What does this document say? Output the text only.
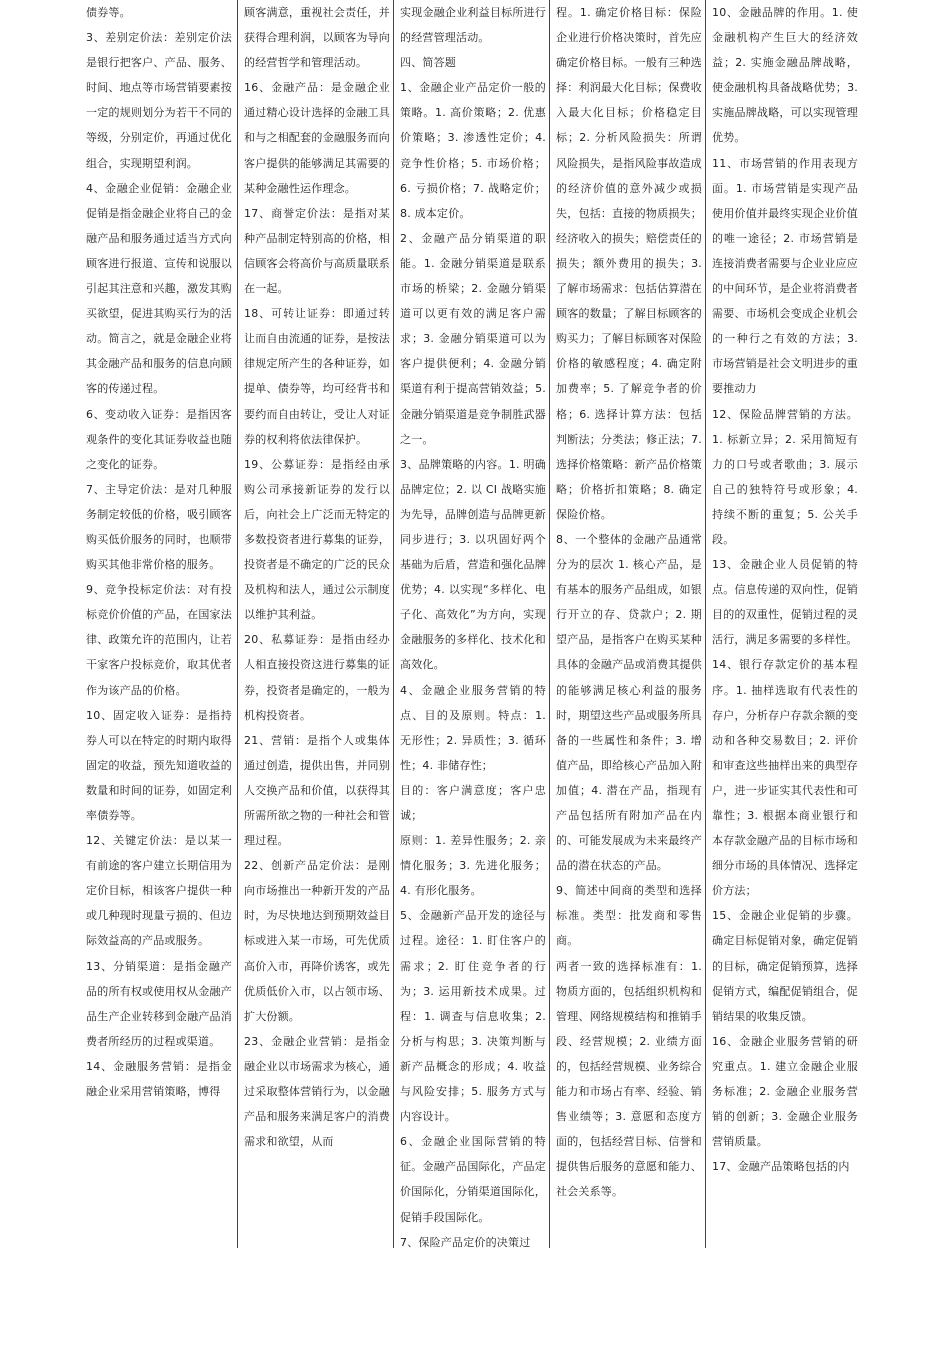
债券等。

3、差别定价法：差别定价法是银行把客户、产品、服务、时间、地点等市场营销要素按一定的规则划分为若干不同的等级，分别定价，再通过优化组合，实现期望利润。

4、金融企业促销：金融企业促销是指金融企业将自己的金融产品和服务通过适当方式向顾客进行报道、宣传和说服以引起其注意和兴趣，激发其购买欲望，促进其购买行为的活动。简言之，就是金融企业将其金融产品和服务的信息向顾客的传递过程。

6、变动收入证券：是指因客观条件的变化其证券收益也随之变化的证券。

7、主导定价法：是对几种服务制定较低的价格，吸引顾客购买低价服务的同时，也顺带购买其他非常价格的服务。

9、竞争投标定价法：对有投标竞价价值的产品，在国家法律、政策允许的范围内，让若干家客户投标竞价，取其优者作为该产品的价格。

10、固定收入证券：是指持券人可以在特定的时期内取得固定的收益，预先知道收益的数量和时间的证券，如固定利率债券等。

12、关键定价法：是以某一有前途的客户建立长期信用为定价目标，相该客户提供一种或几种现时现量亏损的、但边际效益高的产品或服务。

13、分销渠道：是指金融产品的所有权或使用权从金融产品生产企业转移到金融产品消费者所经历的过程或渠道。

14、金融服务营销：是指金融企业采用营销策略，博得

顾客满意，重视社会责任，并获得合理利润，以顾客为导向的经营哲学和管理活动。

16、金融产品：是金融企业通过精心设计选择的金融工具和与之相配套的金融服务而向客户提供的能够满足其需要的某种金融性运作理念。

17、商誉定价法：是指对某种产品制定特别高的价格，相信顾客会将高价与高质量联系在一起。

18、可转让证券：即通过转让而自由流通的证券，是按法律规定所产生的各种证券，如提单、债券等，均可经背书和要约而自由转让，受让人对证券的权利将依法律保护。

19、公募证券：是指经由承购公司承接新证券的发行以后，向社会上广泛而无特定的多数投资者进行募集的证券，投资者是不确定的广泛的民众及机构和法人，通过公示制度以维护其利益。

20、私募证券：是指由经办人相直接投资这进行募集的证券，投资者是确定的，一般为机构投资者。

21、营销：是指个人或集体通过创造，提供出售，并同别人交换产品和价值，以获得其所需所欲之物的一种社会和管理过程。

22、创新产品定价法：是刚向市场推出一种新开发的产品时，为尽快地达到预期效益目标或进入某一市场，可先优质高价入市，再降价诱客，或先优质低价入市，以占领市场、扩大份额。

23、金融企业营销：是指金融企业以市场需求为核心，通过采取整体营销行为，以金融产品和服务来满足客户的消费需求和欲望，从而

实现金融企业利益目标所进行的经营管理活动。

四、简答题

1、金融企业产品定价一般的策略。1. 高价策略；2. 优惠价策略；3. 渗透性定价；4. 竞争性价格；5. 市场价格；6. 亏损价格；7. 战略定价；8. 成本定价。

2、金融产品分销渠道的职能。1. 金融分销渠道是联系市场的桥梁；2. 金融分销渠道可以更有效的满足客户需求；3. 金融分销渠道可以为客户提供便利；4. 金融分销渠道有利于提高营销效益；5. 金融分销渠道是竞争制胜武器之一。

3、品牌策略的内容。1. 明确品牌定位；2. 以 CI 战略实施为先导，品牌创造与品牌更新同步进行；3. 以巩固好两个基础为后盾，营造和强化品牌优势；4. 以实现“多样化、电子化、高效化”为方向，实现金融服务的多样化、技术化和高效化。

4、金融企业服务营销的特点、目的及原则。特点：1. 无形性；2. 异质性；3. 循环性；4. 非储存性；

目的：客户满意度；客户忠诚；

原则：1. 差异性服务；2. 亲情化服务；3. 先进化服务；4. 有形化服务。

5、金融新产品开发的途径与过程。途径：1. 盯住客户的需求；2. 盯住竞争者的行为；3. 运用新技术成果。过程：1. 调查与信息收集；2. 分析与构思；3. 决策判断与新产品概念的形成；4. 收益与风险安排；5. 服务方式与内容设计。

6、金融企业国际营销的特征。金融产品国际化，产品定价国际化，分销渠道国际化，促销手段国际化。

7、保险产品定价的决策过

程。1. 确定价格目标：保险企业进行价格决策时，首先应确定价格目标。一般有三种选择：利润最大化目标；保费收入最大化目标；价格稳定目标；2. 分析风险损失：所谓风险损失，是指风险事故造成的经济价值的意外减少或损失，包括：直接的物质损失；经济收入的损失；赔偿责任的损失；额外费用的损失；3. 了解市场需求：包括估算潜在顾客的数量；了解目标顾客的购买力；了解目标顾客对保险价格的敏感程度；4. 确定附加费率；5. 了解竞争者的价格；6. 选择计算方法：包括判断法；分类法；修正法；7. 选择价格策略：新产品价格策略；价格折扣策略；8. 确定保险价格。

8、一个整体的金融产品通常分为的层次 1. 核心产品，是有基本的服务产品组成，如银行开立的存、贷款户；2. 期望产品，是指客户在购买某种具体的金融产品或消费其提供的能够满足核心利益的服务时，期望这些产品或服务所具备的一些属性和条件；3. 增值产品，即给核心产品加入附加值；4. 潜在产品，指现有产品包括所有附加产品在内的、可能发展成为未来最终产品的潜在状态的产品。

9、简述中间商的类型和选择标准。类型：批发商和零售商。

两者一致的选择标准有：1. 物质方面的，包括组织机构和管理、网络规模结构和推销手段、经营规模；2. 业绩方面的，包括经营规模、业务综合能力和市场占有率、经验、销售业绩等；3. 意愿和态度方面的，包括经营目标、信誉和提供售后服务的意愿和能力、社会关系等。

10、金融品牌的作用。1. 使金融机构产生巨大的经济效益；2. 实施金融品牌战略，使金融机构具备战略优势；3. 实施品牌战略，可以实现管理优势。

11、市场营销的作用表现方面。1. 市场营销是实现产品使用价值并最终实现企业价值的唯一途径；2. 市场营销是连接消费者需要与企业业应应的中间环节，是企业将消费者需要、市场机会变成企业机会的一种行之有效的方法；3. 市场营销是社会文明进步的重要推动力

12、保险品牌营销的方法。1. 标新立异；2. 采用简短有力的口号或者歌曲；3. 展示自己的独特符号或形象；4. 持续不断的重复；5. 公关手段。

13、金融企业人员促销的特点。信息传递的双向性，促销目的的双重性，促销过程的灵活行，满足多需要的多样性。

14、银行存款定价的基本程序。1. 抽样选取有代表性的存户，分析存户存款余额的变动和各种交易数目；2. 评价和审查这些抽样出来的典型存户，进一步证实其代表性和可靠性；3. 根据本商业银行和本存款金融产品的目标市场和细分市场的具体情况、选择定价方法；

15、金融企业促销的步骤。确定目标促销对象，确定促销的目标，确定促销预算，选择促销方式，编配促销组合，促销结果的收集反馈。

16、金融企业服务营销的研究重点。1. 建立金融企业服务标准；2. 金融企业服务营销的创新；3. 金融企业服务营销质量。

17、金融产品策略包括的内
